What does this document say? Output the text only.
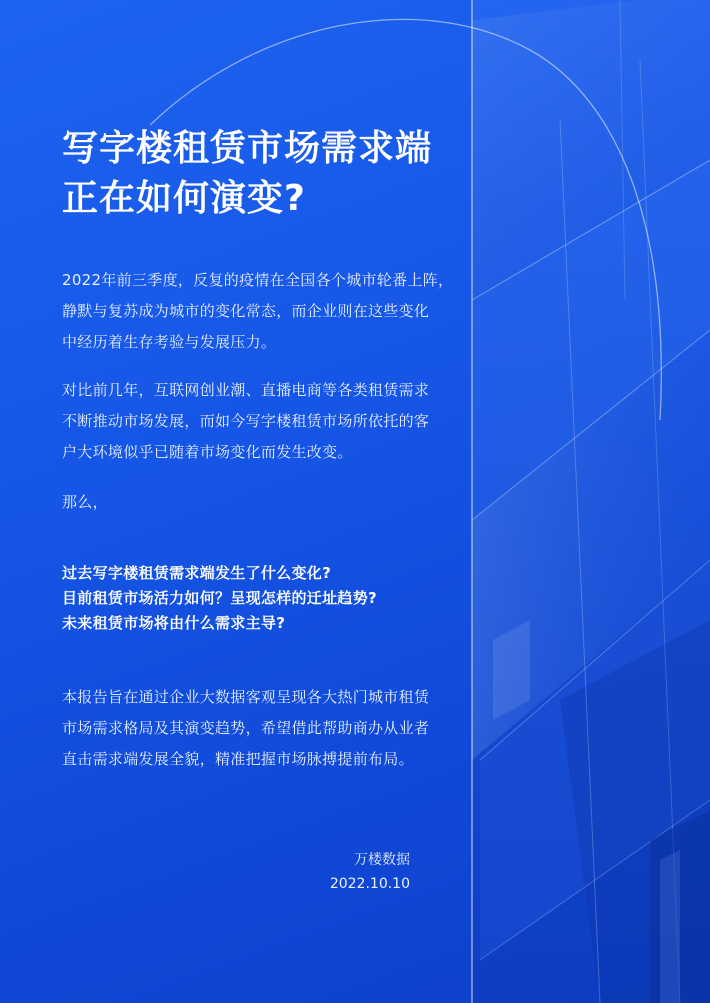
写字楼租赁市场需求端
正在如何演变?

2022年前三季度，反复的疫情在全国各个城市轮番上阵，
静默与复苏成为城市的变化常态，而企业则在这些变化
中经历着生存考验与发展压力。

对比前几年，互联网创业潮、直播电商等各类租赁需求
不断推动市场发展，而如今写字楼租赁市场所依托的客
户大环境似乎已随着市场变化而发生改变。

那么，

过去写字楼租赁需求端发生了什么变化?
目前租赁市场活力如何？呈现怎样的迁址趋势?
未来租赁市场将由什么需求主导?

本报告旨在通过企业大数据客观呈现各大热门城市租赁
市场需求格局及其演变趋势，希望借此帮助商办从业者
直击需求端发展全貌，精准把握市场脉搏提前布局。

万楼数据
2022.10.10
